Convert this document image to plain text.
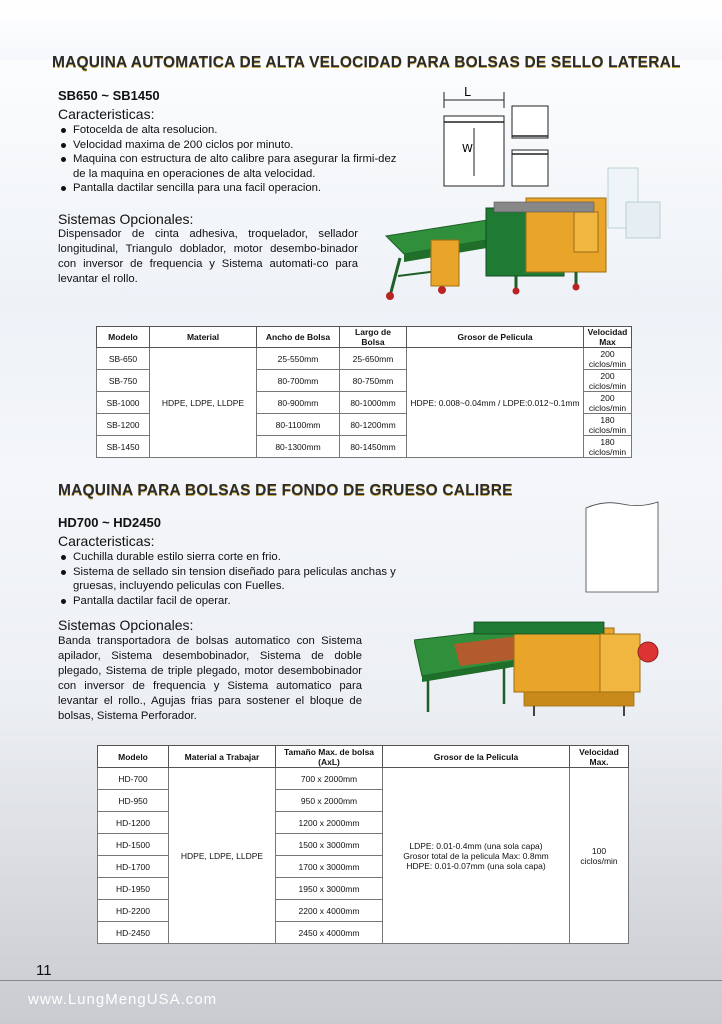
MAQUINA AUTOMATICA DE ALTA VELOCIDAD PARA BOLSAS DE SELLO LATERAL
SB650 ~ SB1450
Caracteristicas:
Fotocelda de alta resolucion.
Velocidad maxima de 200 ciclos por minuto.
Maquina con estructura de alto calibre para asegurar la firmi-dez de la maquina en operaciones de alta velocidad.
Pantalla dactilar sencilla para una facil operacion.
Sistemas Opcionales:
Dispensador de cinta adhesiva, troquelador, sellador longitudinal, Triangulo doblador, motor desembo-binador con inversor de frequencia y Sistema automati-co para levantar el rollo.
L
W
Modelo	Material	Ancho de Bolsa	Largo de Bolsa	Grosor de Pelicula	Velocidad Max
SB-650	HDPE, LDPE, LLDPE	25-550mm	25-650mm	HDPE: 0.008~0.04mm / LDPE:0.012~0.1mm	200 ciclos/min
SB-750		80-700mm	80-750mm		200 ciclos/min
SB-1000		80-900mm	80-1000mm		200 ciclos/min
SB-1200		80-1100mm	80-1200mm		180 ciclos/min
SB-1450		80-1300mm	80-1450mm		180 ciclos/min
MAQUINA PARA BOLSAS DE FONDO DE GRUESO CALIBRE
HD700 ~ HD2450
Caracteristicas:
Cuchilla durable estilo sierra corte en frio.
Sistema de sellado sin tension diseñado para peliculas anchas y gruesas, incluyendo peliculas con Fuelles.
Pantalla dactilar facil de operar.
Sistemas Opcionales:
Banda transportadora de bolsas automatico con Sistema apilador, Sistema desembobinador, Sistema de doble plegado, Sistema de triple plegado, motor desembobinador con inversor de frequencia y Sistema automatico para levantar el rollo., Agujas frias para sostener el bloque de bolsas, Sistema Perforador.
Modelo	Material a Trabajar	Tamaño Max. de bolsa (AxL)	Grosor de la Pelicula	Velocidad Max.
HD-700	HDPE, LDPE, LLDPE	700 x 2000mm	LDPE: 0.01-0.4mm (una sola capa)
Grosor total de la pelicula Max: 0.8mm
HDPE: 0.01-0.07mm (una sola capa)	100 ciclos/min
HD-950		950 x 2000mm		
HD-1200		1200 x 2000mm		
HD-1500		1500 x 3000mm		
HD-1700		1700 x 3000mm		
HD-1950		1950 x 3000mm		
HD-2200		2200 x 4000mm		
HD-2450		2450 x 4000mm		
11
www.LungMengUSA.com
